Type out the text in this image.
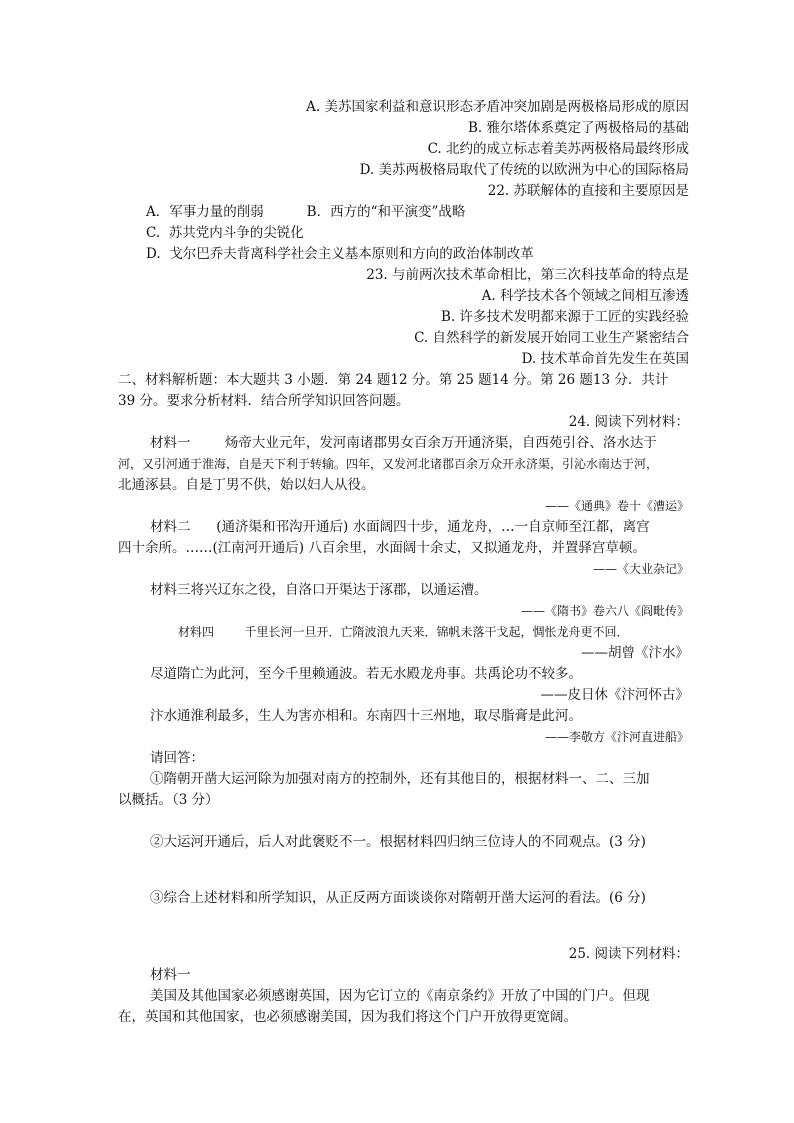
A. 美苏国家利益和意识形态矛盾冲突加剧是两极格局形成的原因
B. 雅尔塔体系奠定了两极格局的基础
C. 北约的成立标志着美苏两极格局最终形成
D. 美苏两极格局取代了传统的以欧洲为中心的国际格局
22. 苏联解体的直接和主要原因是
A．军事力量的削弱          B．西方的“和平演变”战略
C.  苏共党内斗争的尖锐化
D.  戈尔巴乔夫背离科学社会主义基本原则和方向的政治体制改革
23. 与前两次技术革命相比，第三次科技革命的特点是
A. 科学技术各个领域之间相互渗透
B. 许多技术发明都来源于工匠的实践经验
C. 自然科学的新发展开始同工业生产紧密结合
D. 技术革命首先发生在英国
二、材料解析题：本大题共 3 小题．第 24 题12 分。第 25 题14 分。第 26 题13 分．共计
39 分。要求分析材料．结合所学知识回答问题。
24. 阅读下列材料：
材料一        炀帝大业元年，发河南诸郡男女百余万开通济渠，自西苑引谷、洛水达于
河，又引河通于淮海，自是天下利于转输。四年，又发河北诸郡百余万众开永济渠，引沁水南达于河，
北通涿县。自是丁男不供，始以妇人从役。
——《通典》卷十《漕运》
材料二      (通济渠和邗沟开通后) 水面阔四十步，通龙舟，…一自京师至江都，离宫
四十余所。……(江南河开通后) 八百余里，水面阔十余丈，又拟通龙舟，并置驿宫草顿。
——《大业杂记》
材料三将兴辽东之役，自洛口开渠达于涿郡，以通运漕。
——《隋书》卷六八《阎毗传》
材料四        千里长河一旦开．亡隋波浪九天来．锦帆未落干戈起，惆怅龙舟更不回．
——胡曾《汴水》
尽道隋亡为此河，至今千里赖通波。若无水殿龙舟事。共禹论功不较多。
——皮日休《汴河怀古》
汴水通淮利最多，生人为害亦相和。东南四十三州地，取尽脂膏是此河。
——李敬方《汴河直进船》
请回答：
①隋朝开凿大运河除为加强对南方的控制外，还有其他目的，根据材料一、二、三加
以概括。（3 分）
②大运河开通后，后人对此褒贬不一。根据材料四归纳三位诗人的不同观点。(3 分)
③综合上述材料和所学知识，从正反两方面谈谈你对隋朝开凿大运河的看法。(6 分)
25. 阅读下列材料：
材料一
美国及其他国家必须感谢英国，因为它订立的《南京条约》开放了中国的门户。但现
在，英国和其他国家，也必须感谢美国，因为我们将这个门户开放得更宽阔。
